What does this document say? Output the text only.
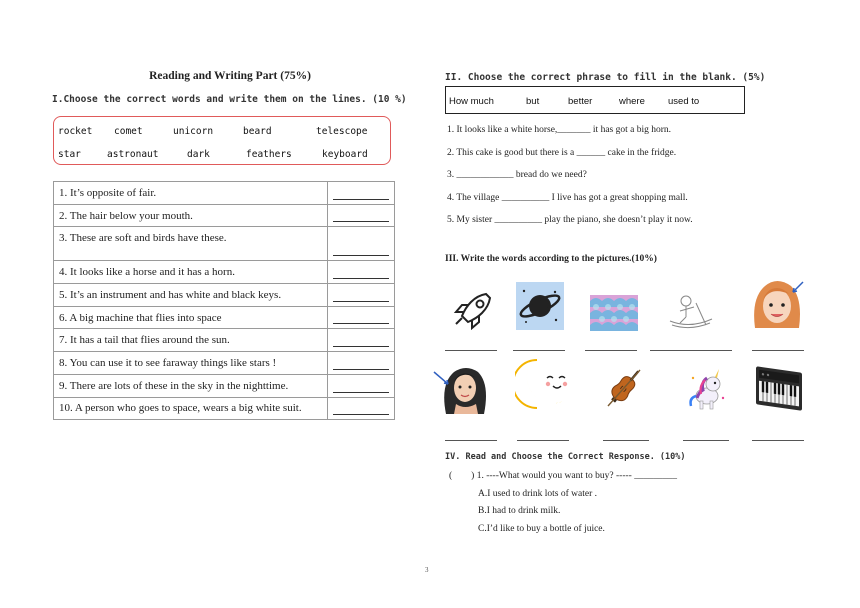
Reading and Writing Part (75%)
I.Choose the correct words and write them on the lines. (10 %)
rocket comet	unicorn	beard	telescope
star	astronaut	dark	feathers	keyboard
1. It’s opposite of fair.	

2. The hair below your mouth.	

3. These are soft and birds have these.	

4. It looks like a horse and it has a horn.	

5. It’s an instrument and has white and black keys.	

6. A big machine that flies into space	

7. It has a tail that flies around the sun.	

8. You can use it to see faraway things like stars !	

9. There are lots of these in the sky in the nighttime.	

10. A person who goes to space, wears a big white suit.	
II. Choose the correct phrase to fill in the blank. (5%)
How much	but	better	where used to
1. It looks like a white horse,_______ it has got a big horn.
2. This cake is good but there is a ______ cake in the fridge.
3. ____________ bread do we need?
4. The village __________ I live has got a great shopping mall.
5. My sister __________ play the piano, she doesn’t play it now.
III. Write the words according to the pictures.(10%)
IV. Read and Choose the Correct Response. (10%)
(        ) 1. ----What would you want to buy? ----- _________
A.I used to drink lots of water .
B.I had to drink milk.
C.I’d like to buy a bottle of juice.
3
